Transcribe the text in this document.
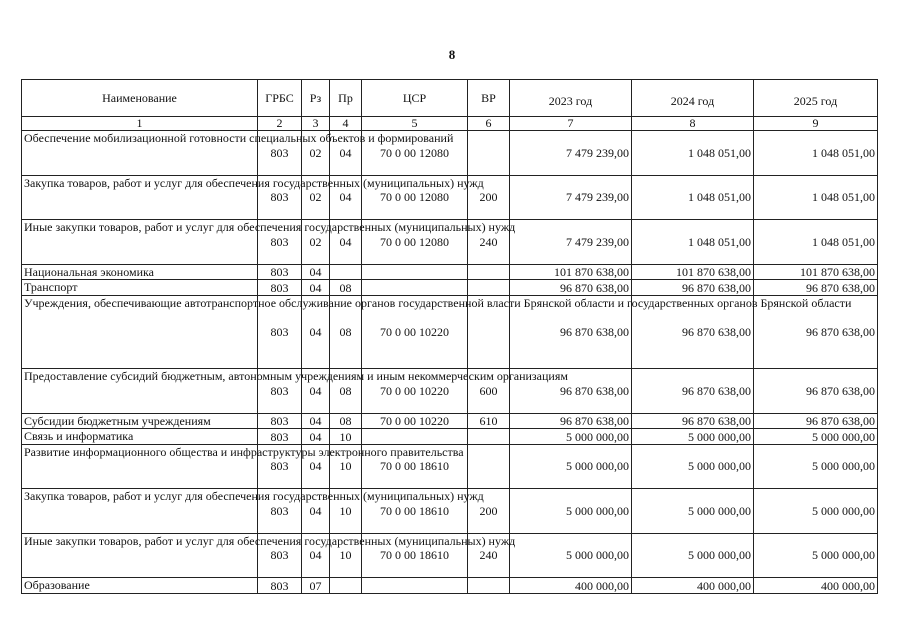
8
Наименование	ГРБС	Рз	Пр	ЦСР	ВР	2023 год	2024 год	2025 год
1	2	3	4	5	6	7	8	9
Обеспечение мобилизационной готовности специальных объектов и формирований	803	02	04	70 0 00 12080		7 479 239,00	1 048 051,00	1 048 051,00
Закупка товаров, работ и услуг для обеспечения государственных (муниципальных) нужд	803	02	04	70 0 00 12080	200	7 479 239,00	1 048 051,00	1 048 051,00
Иные закупки товаров, работ и услуг для обеспечения государственных (муниципальных) нужд	803	02	04	70 0 00 12080	240	7 479 239,00	1 048 051,00	1 048 051,00
Национальная экономика	803	04				101 870 638,00	101 870 638,00	101 870 638,00
Транспорт	803	04	08			96 870 638,00	96 870 638,00	96 870 638,00
Учреждения, обеспечивающие автотранспортное обслуживание органов государственной власти Брянской области и государственных органов Брянской области	803	04	08	70 0 00 10220		96 870 638,00	96 870 638,00	96 870 638,00
Предоставление субсидий бюджетным, автономным учреждениям и иным некоммерческим организациям	803	04	08	70 0 00 10220	600	96 870 638,00	96 870 638,00	96 870 638,00
Субсидии бюджетным учреждениям	803	04	08	70 0 00 10220	610	96 870 638,00	96 870 638,00	96 870 638,00
Связь и информатика	803	04	10			5 000 000,00	5 000 000,00	5 000 000,00
Развитие информационного общества и инфраструктуры электронного правительства	803	04	10	70 0 00 18610		5 000 000,00	5 000 000,00	5 000 000,00
Закупка товаров, работ и услуг для обеспечения государственных (муниципальных) нужд	803	04	10	70 0 00 18610	200	5 000 000,00	5 000 000,00	5 000 000,00
Иные закупки товаров, работ и услуг для обеспечения государственных (муниципальных) нужд	803	04	10	70 0 00 18610	240	5 000 000,00	5 000 000,00	5 000 000,00
Образование	803	07				400 000,00	400 000,00	400 000,00
